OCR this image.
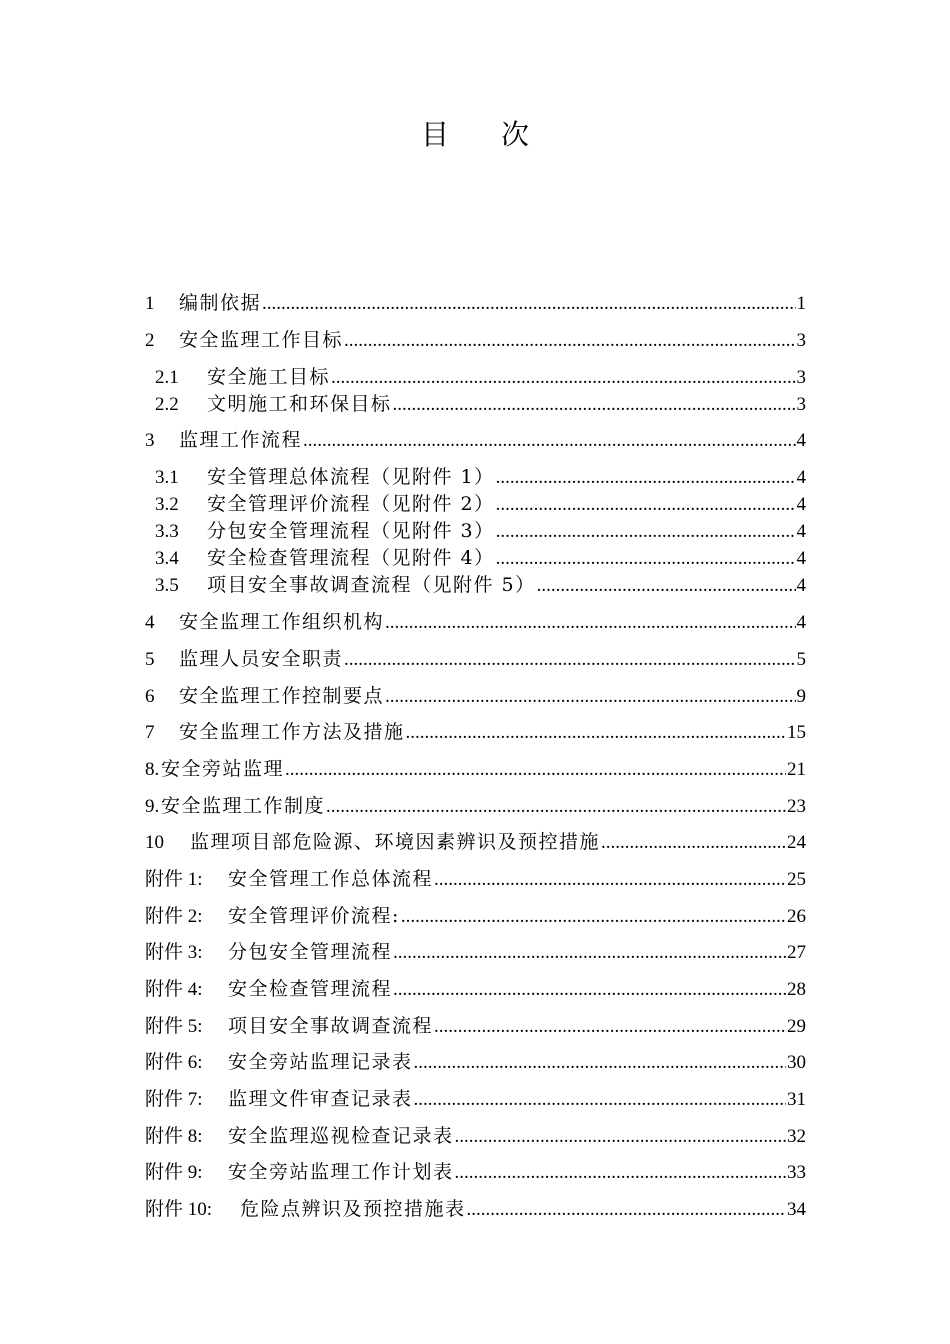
目 次
1	编制依据 .....	1
2	安全监理工作目标 .....	3
2.1	安全施工目标 .....	3
2.2	文明施工和环保目标 .....	3
3	监理工作流程 .....	4
3.1	安全管理总体流程（见附件 1） .....	4
3.2	安全管理评价流程（见附件 2） .....	4
3.3	分包安全管理流程（见附件 3） .....	4
3.4	安全检查管理流程（见附件 4） .....	4
3.5	项目安全事故调查流程（见附件 5） .....	4
4	安全监理工作组织机构 .....	4
5	监理人员安全职责 .....	5
6	安全监理工作控制要点 .....	9
7	安全监理工作方法及措施 .....	15
8. 安全旁站监理 .....	21
9. 安全监理工作制度 .....	23
10	监理项目部危险源、环境因素辨识及预控措施 .....	24
附件 1:	安全管理工作总体流程 .....	25
附件 2:	安全管理评价流程: .....	26
附件 3:	分包安全管理流程 .....	27
附件 4:	安全检查管理流程 .....	28
附件 5:	项目安全事故调查流程 .....	29
附件 6:	安全旁站监理记录表 .....	30
附件 7:	监理文件审查记录表 .....	31
附件 8:	安全监理巡视检查记录表 .....	32
附件 9:	安全旁站监理工作计划表 .....	33
附件 10:	危险点辨识及预控措施表 .....	34
